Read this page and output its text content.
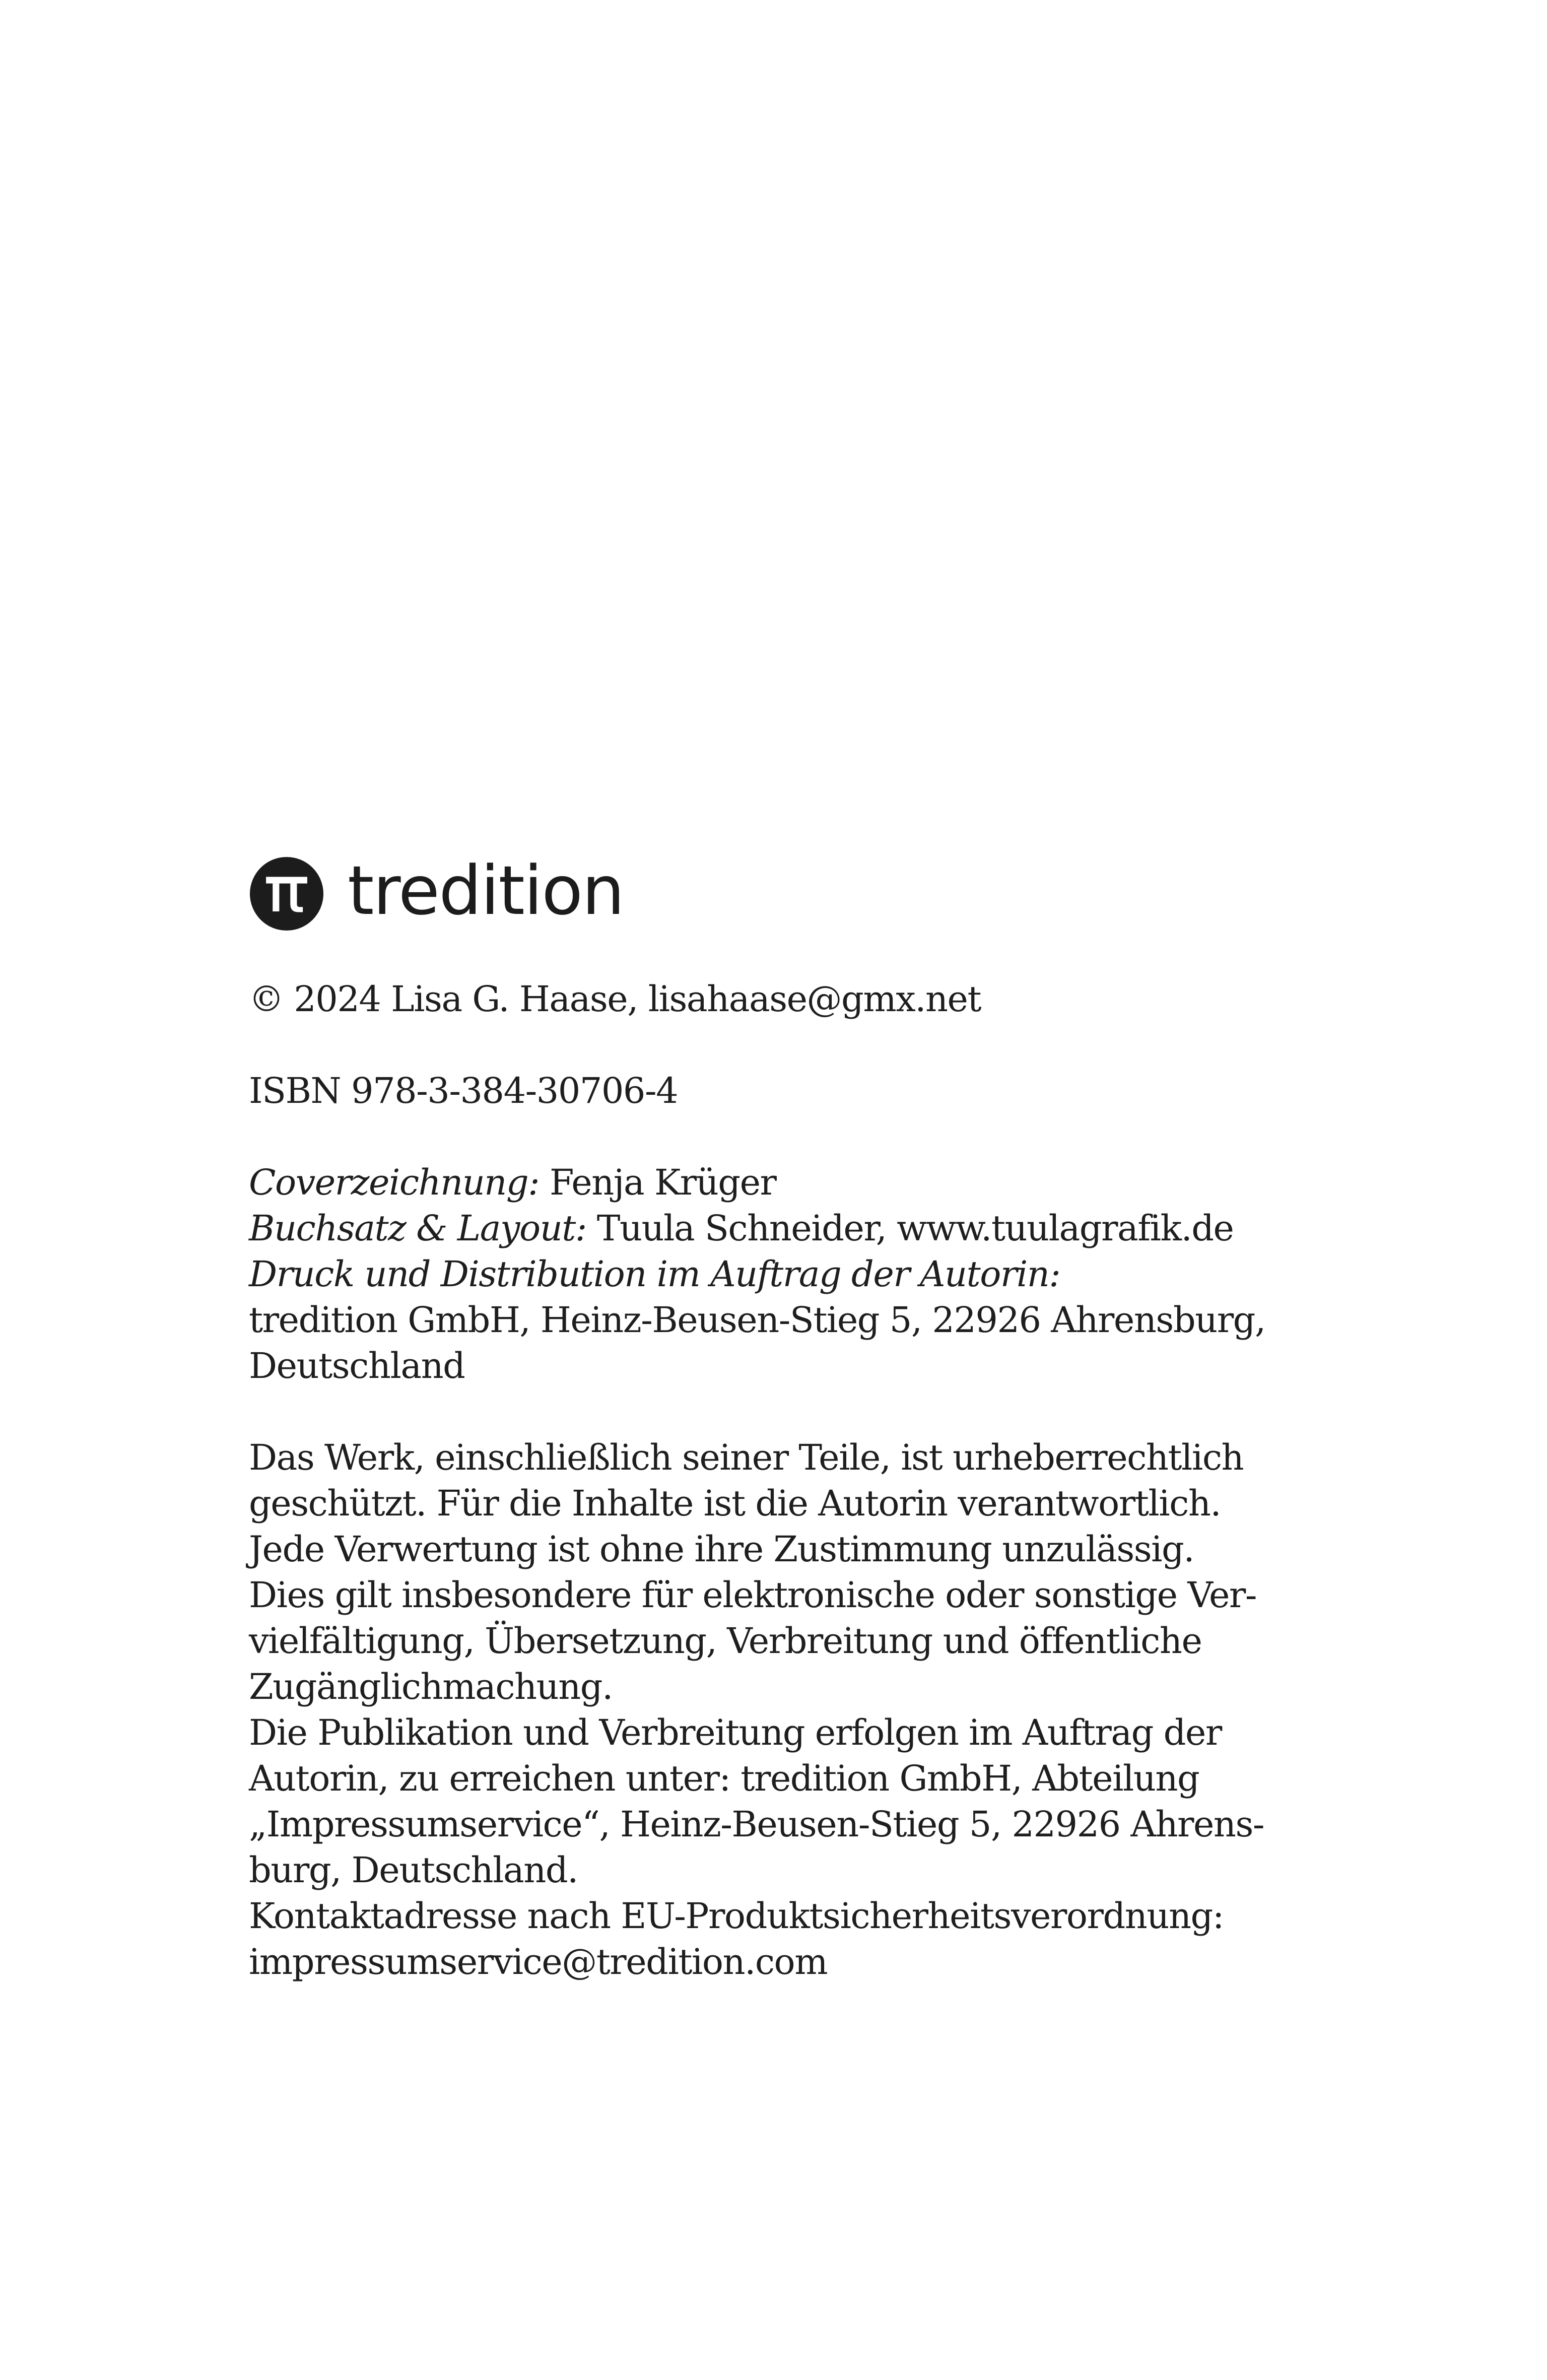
tredition
© 2024 Lisa G. Haase, lisahaase@gmx.net
ISBN 978-3-384-30706-4
Coverzeichnung: Fenja Krüger
Buchsatz & Layout: Tuula Schneider, www.tuulagrafik.de
Druck und Distribution im Auftrag der Autorin:
tredition GmbH, Heinz-Beusen-Stieg 5, 22926 Ahrensburg,
Deutschland
Das Werk, einschließlich seiner Teile, ist urheberrechtlich
geschützt. Für die Inhalte ist die Autorin verantwortlich.
Jede Verwertung ist ohne ihre Zustimmung unzulässig.
Dies gilt insbesondere für elektronische oder sonstige Ver-
vielfältigung, Übersetzung, Verbreitung und öffentliche
Zugänglichmachung.
Die Publikation und Verbreitung erfolgen im Auftrag der
Autorin, zu erreichen unter: tredition GmbH, Abteilung
„Impressumservice“, Heinz-Beusen-Stieg 5, 22926 Ahrens-
burg, Deutschland.
Kontaktadresse nach EU-Produktsicherheitsverordnung:
impressumservice@tredition.com
